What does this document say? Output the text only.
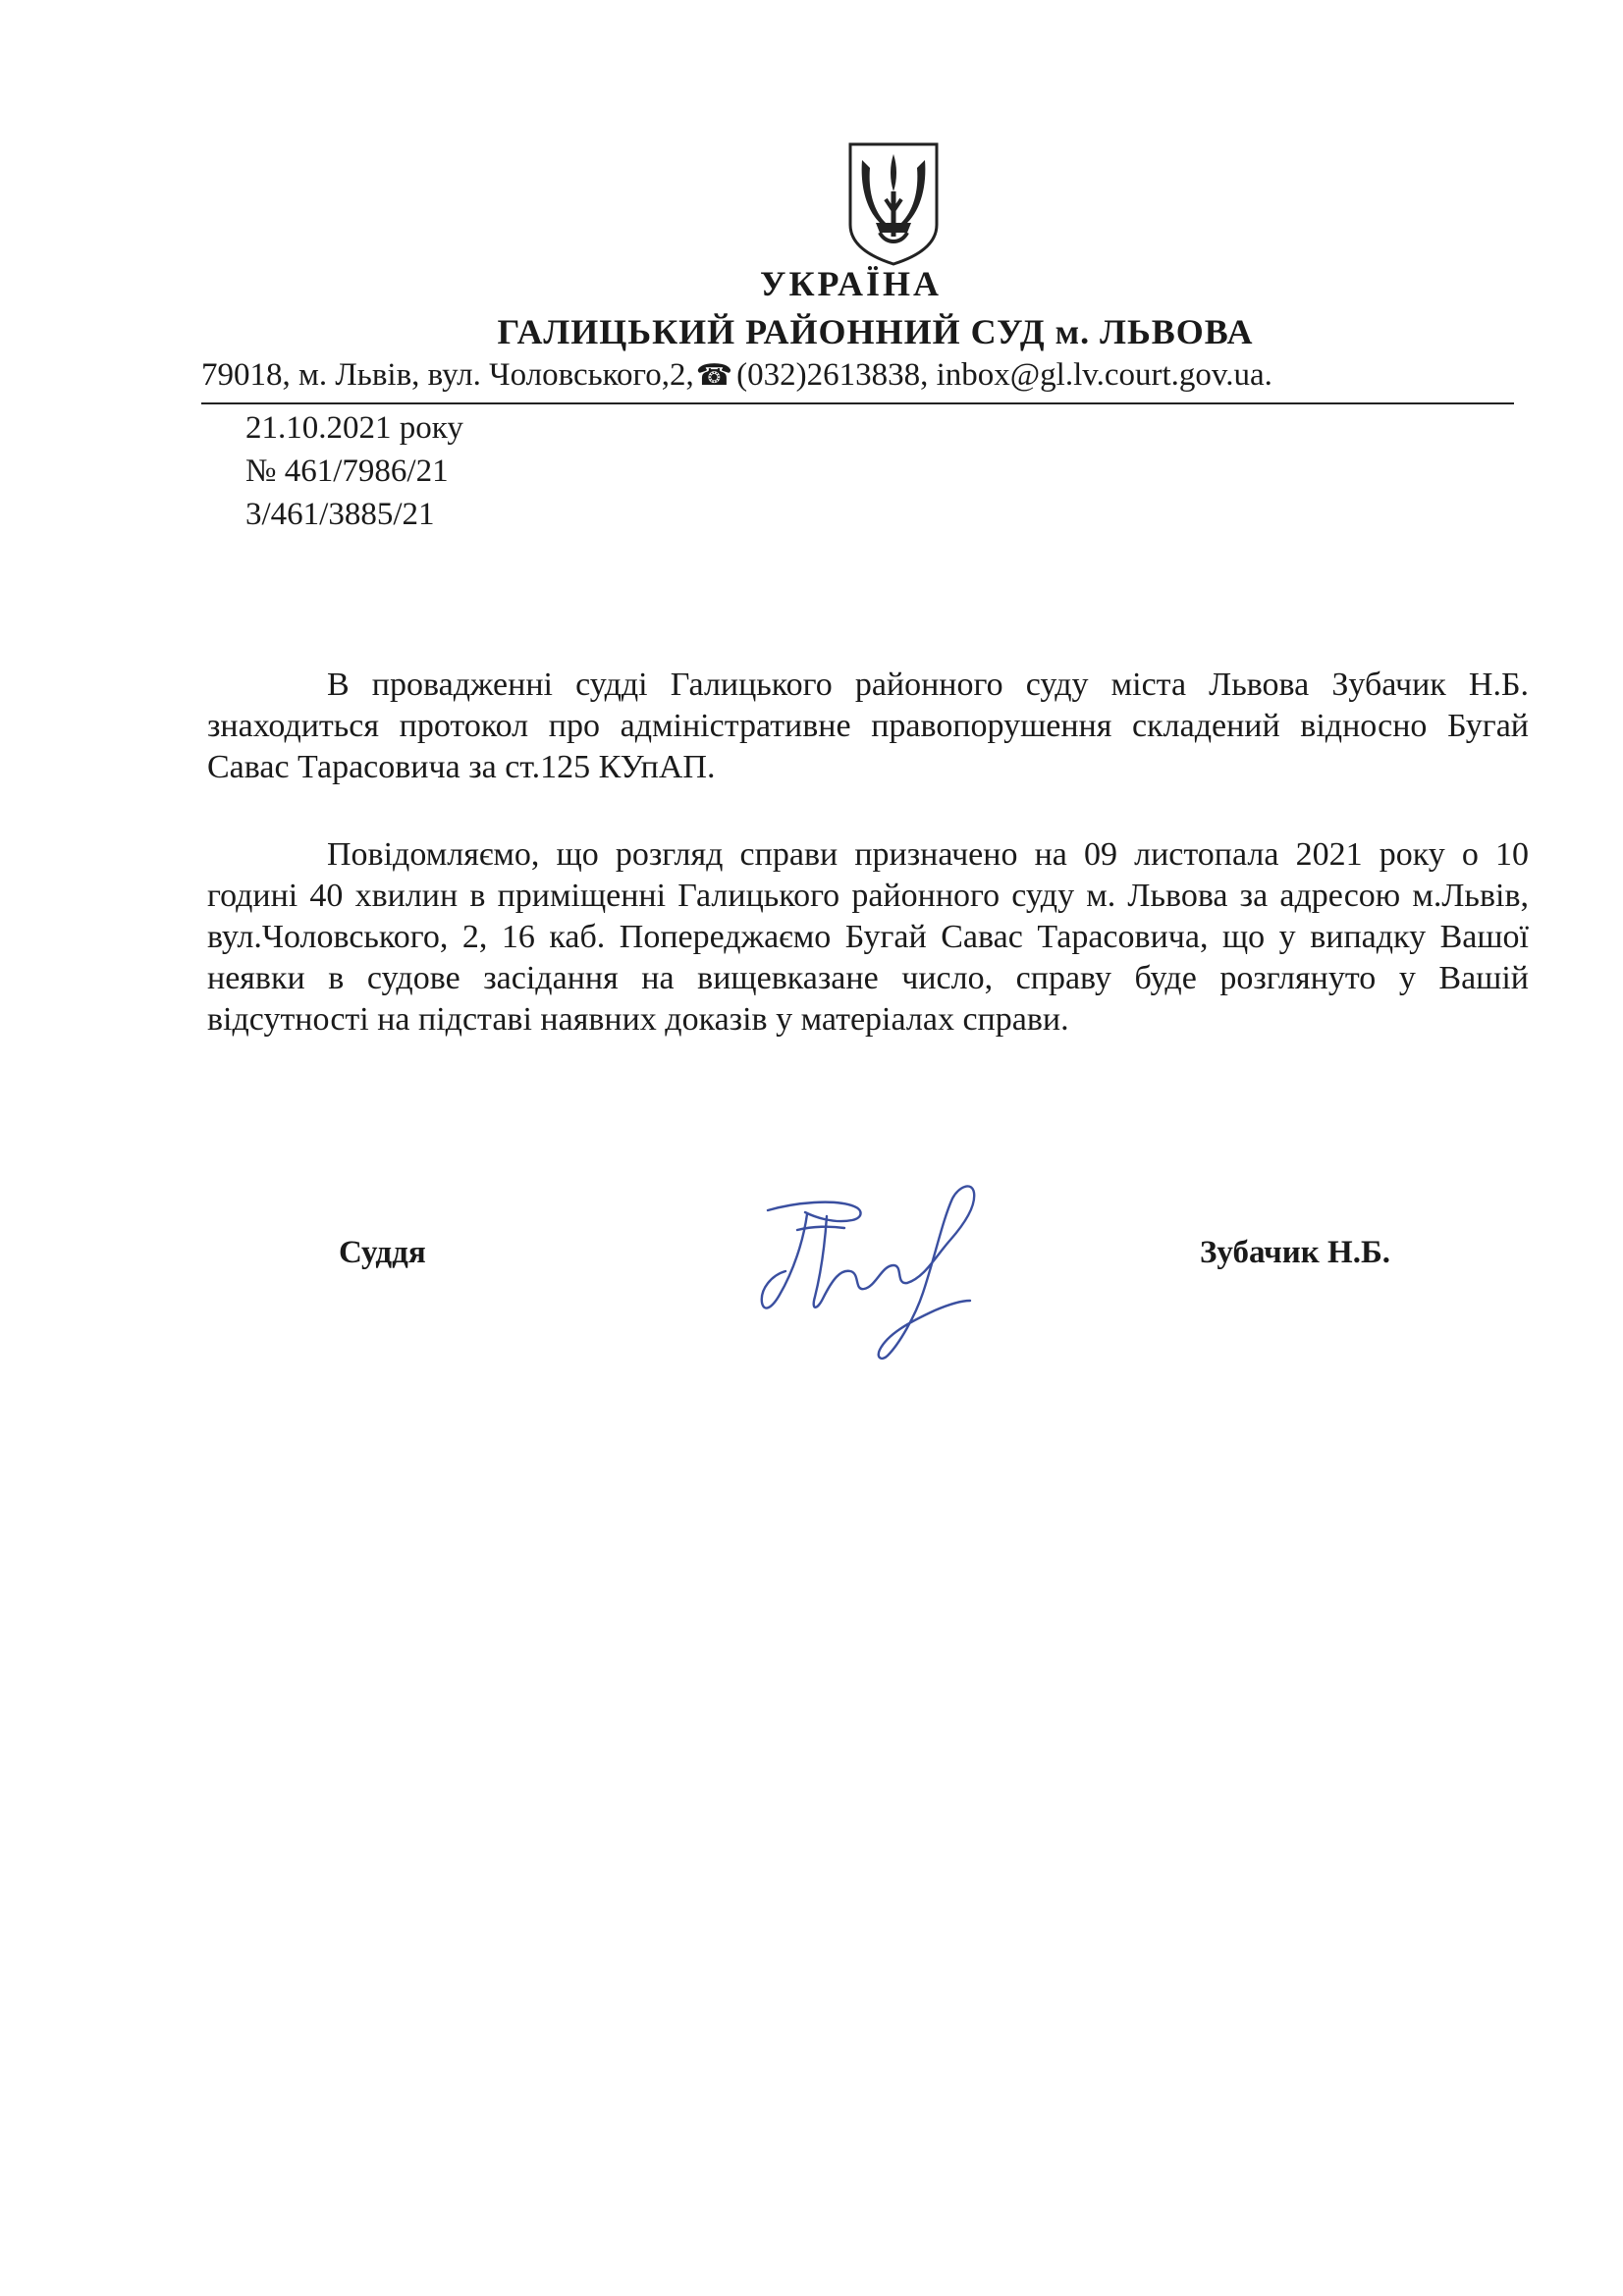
УКРАЇНА
ГАЛИЦЬКИЙ РАЙОННИЙ СУД м. ЛЬВОВА
79018, м. Львів, вул. Чоловського,2,☎ (032)2613838, inbox@gl.lv.court.gov.ua.
21.10.2021 року
№ 461/7986/21
3/461/3885/21

В провадженні судді Галицького районного суду міста Львова Зубачик Н.Б. знаходиться протокол про адміністративне правопорушення складений відносно Бугай Савас Тарасовича за ст.125 КУпАП.

Повідомляємо, що розгляд справи призначено на 09 листопала 2021 року о 10 годині 40 хвилин в приміщенні Галицького районного суду м. Львова за адресою м.Львів, вул.Чоловського, 2, 16 каб. Попереджаємо Бугай Савас Тарасовича, що у випадку Вашої неявки в судове засідання на вищевказане число, справу буде розглянуто у Вашій відсутності на підставі наявних доказів у матеріалах справи.

Суддя	Зубачик Н.Б.
